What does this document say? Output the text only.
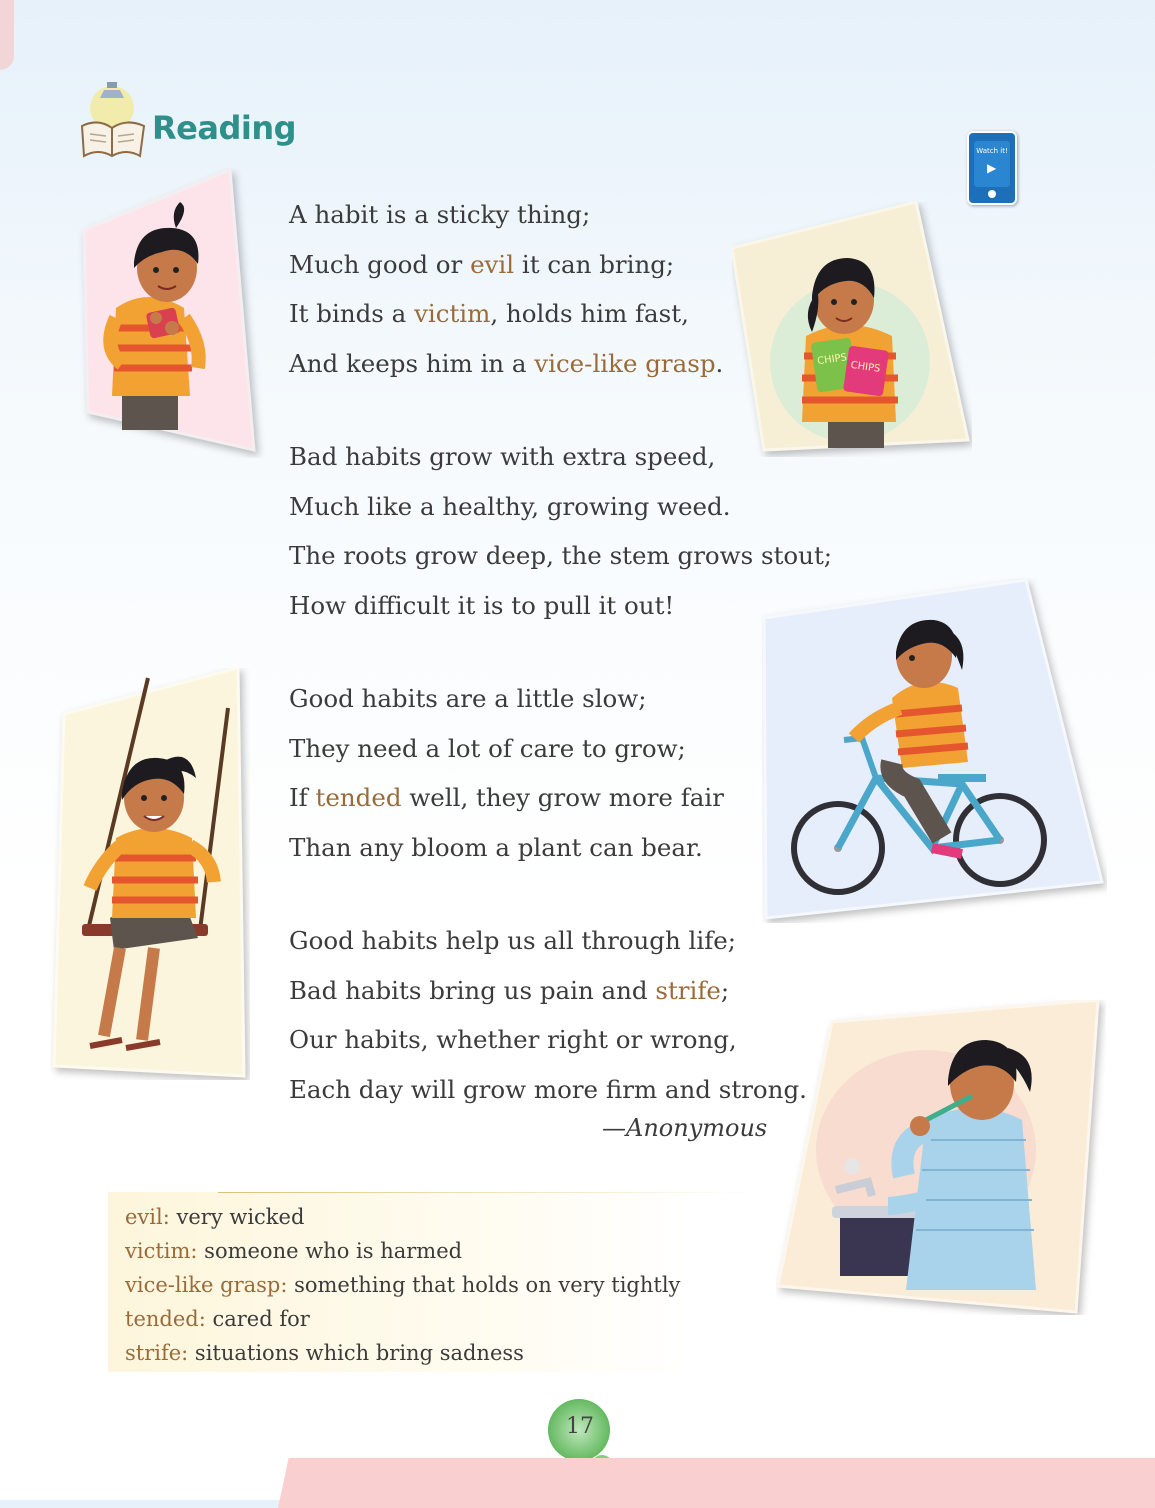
Reading
Watch it!
▶
A habit is a sticky thing;
Much good or evil it can bring;
It binds a victim, holds him fast,
And keeps him in a vice-like grasp.
Bad habits grow with extra speed,
Much like a healthy, growing weed.
The roots grow deep, the stem grows stout;
How difficult it is to pull it out!
Good habits are a little slow;
They need a lot of care to grow;
If tended well, they grow more fair
Than any bloom a plant can bear.
Good habits help us all through life;
Bad habits bring us pain and strife;
Our habits, whether right or wrong,
Each day will grow more firm and strong.
—Anonymous
CHIPS
CHIPS
evil: very wicked
victim: someone who is harmed
vice-like grasp: something that holds on very tightly
tended: cared for
strife: situations which bring sadness
17
